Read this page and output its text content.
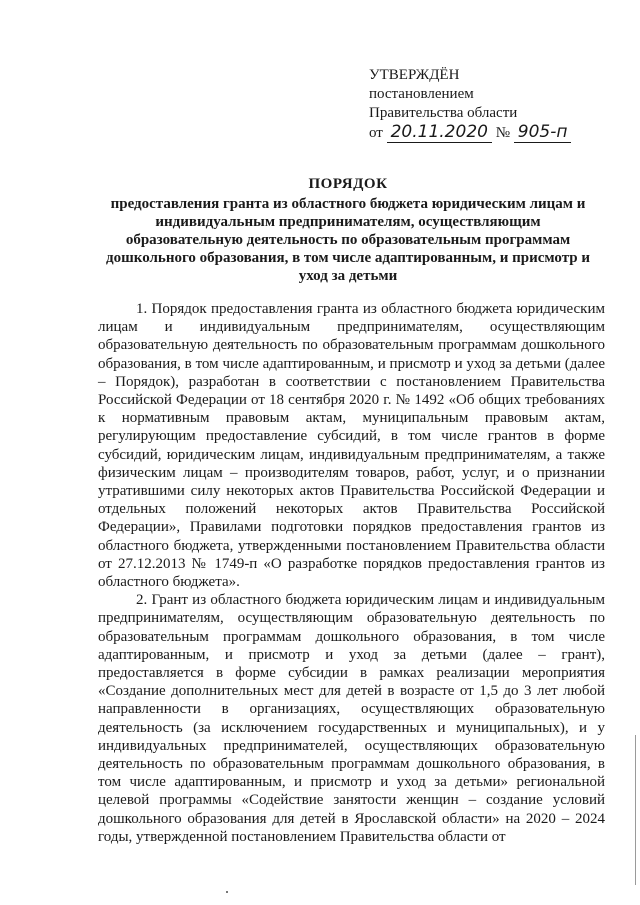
УТВЕРЖДЁН
постановлением
Правительства области
от 20.11.2020 № 905-п
ПОРЯДОК
предоставления гранта из областного бюджета юридическим лицам и индивидуальным предпринимателям, осуществляющим образовательную деятельность по образовательным программам дошкольного образования, в том числе адаптированным, и присмотр и уход за детьми

1. Порядок предоставления гранта из областного бюджета юридическим лицам и индивидуальным предпринимателям, осуществляющим образовательную деятельность по образовательным программам дошкольного образования, в том числе адаптированным, и присмотр и уход за детьми (далее – Порядок), разработан в соответствии с постановлением Правительства Российской Федерации от 18 сентября 2020 г. № 1492 «Об общих требованиях к нормативным правовым актам, муниципальным правовым актам, регулирующим предоставление субсидий, в том числе грантов в форме субсидий, юридическим лицам, индивидуальным предпринимателям, а также физическим лицам – производителям товаров, работ, услуг, и о признании утратившими силу некоторых актов Правительства Российской Федерации и отдельных положений некоторых актов Правительства Российской Федерации», Правилами подготовки порядков предоставления грантов из областного бюджета, утвержденными постановлением Правительства области от 27.12.2013 № 1749-п «О разработке порядков предоставления грантов из областного бюджета».

2. Грант из областного бюджета юридическим лицам и индивидуальным предпринимателям, осуществляющим образовательную деятельность по образовательным программам дошкольного образования, в том числе адаптированным, и присмотр и уход за детьми (далее – грант), предоставляется в форме субсидии в рамках реализации мероприятия «Создание дополнительных мест для детей в возрасте от 1,5 до 3 лет любой направленности в организациях, осуществляющих образовательную деятельность (за исключением государственных и муниципальных), и у индивидуальных предпринимателей, осуществляющих образовательную деятельность по образовательным программам дошкольного образования, в том числе адаптированным, и присмотр и уход за детьми» региональной целевой программы «Содействие занятости женщин – создание условий дошкольного образования для детей в Ярославской области» на 2020 – 2024 годы, утвержденной постановлением Правительства области от
